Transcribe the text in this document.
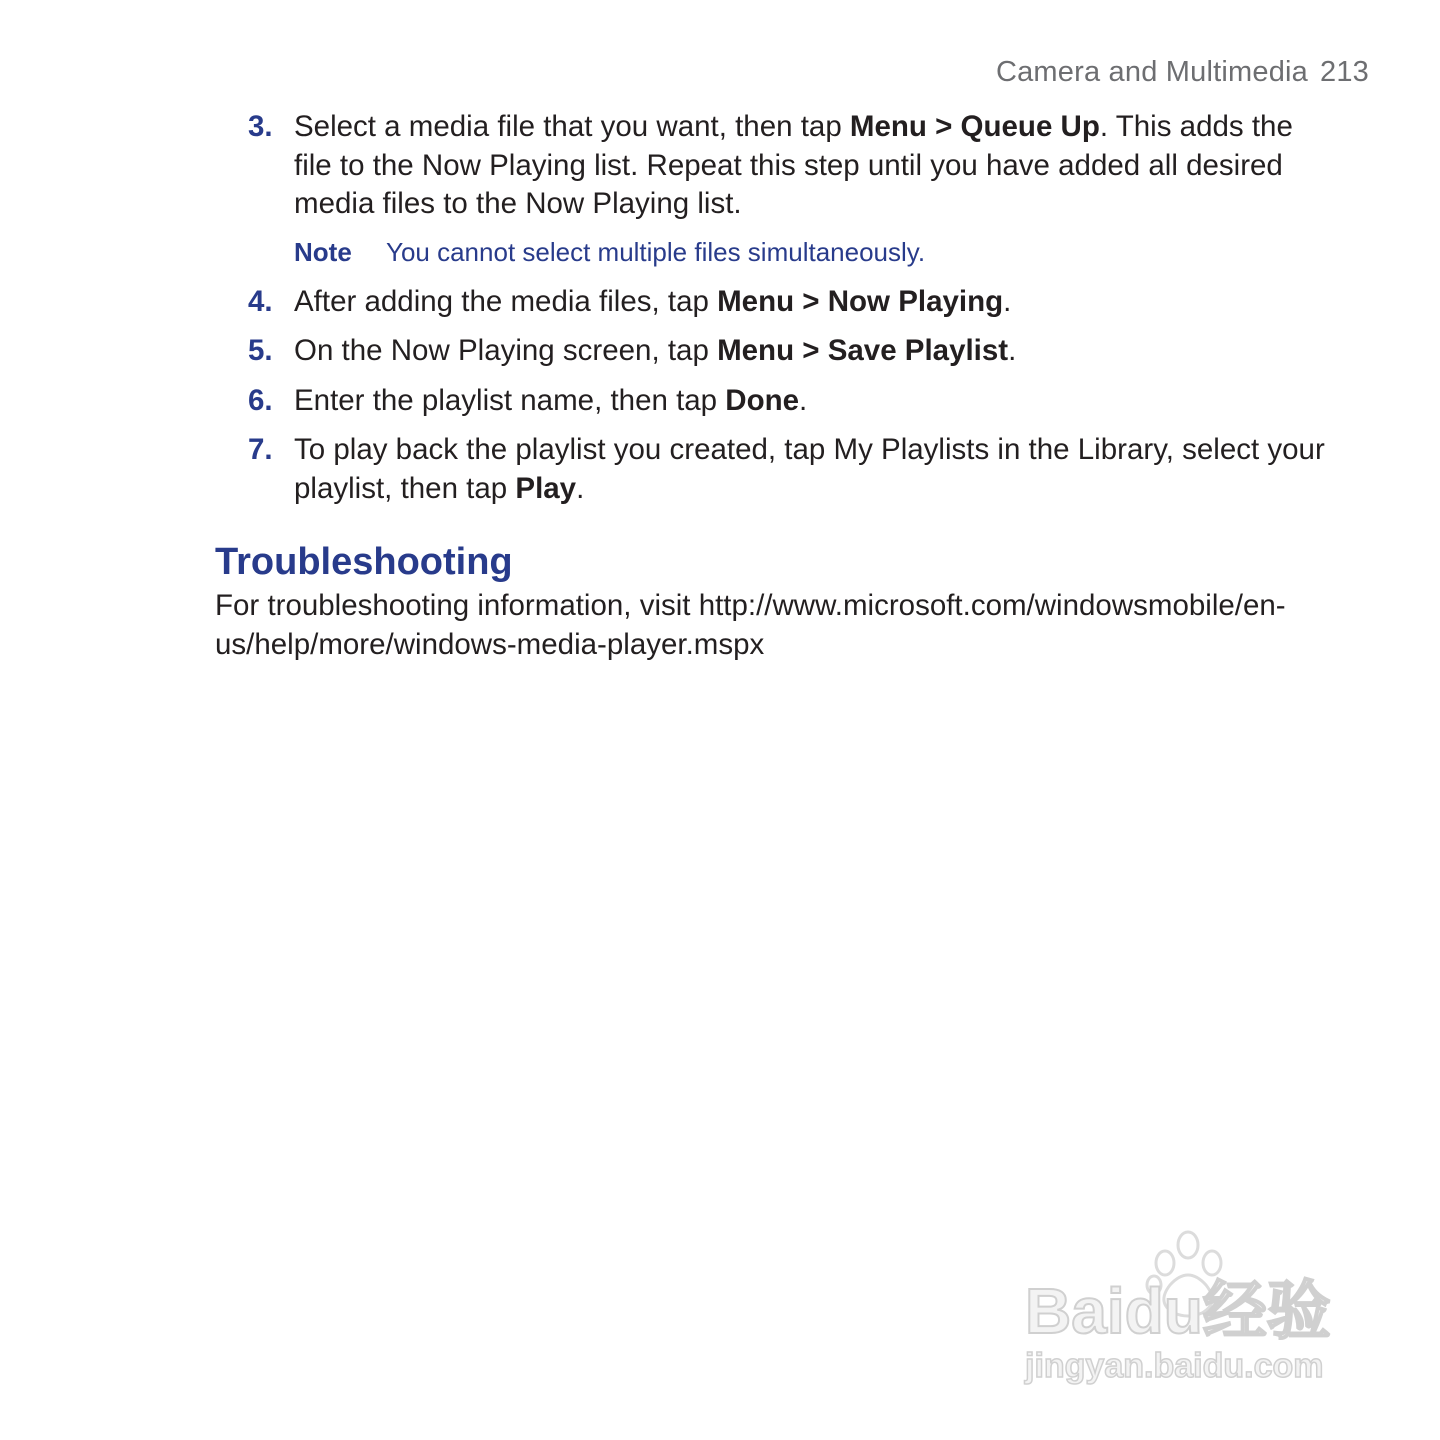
Camera and Multimedia 213
3. Select a media file that you want, then tap Menu > Queue Up. This adds the file to the Now Playing list. Repeat this step until you have added all desired media files to the Now Playing list.
Note	You cannot select multiple files simultaneously.
4. After adding the media files, tap Menu > Now Playing.
5. On the Now Playing screen, tap Menu > Save Playlist.
6. Enter the playlist name, then tap Done.
7. To play back the playlist you created, tap My Playlists in the Library, select your playlist, then tap Play.
Troubleshooting
For troubleshooting information, visit http://www.microsoft.com/windowsmobile/en-us/help/more/windows-media-player.mspx
Baidu经验
jingyan.baidu.com
